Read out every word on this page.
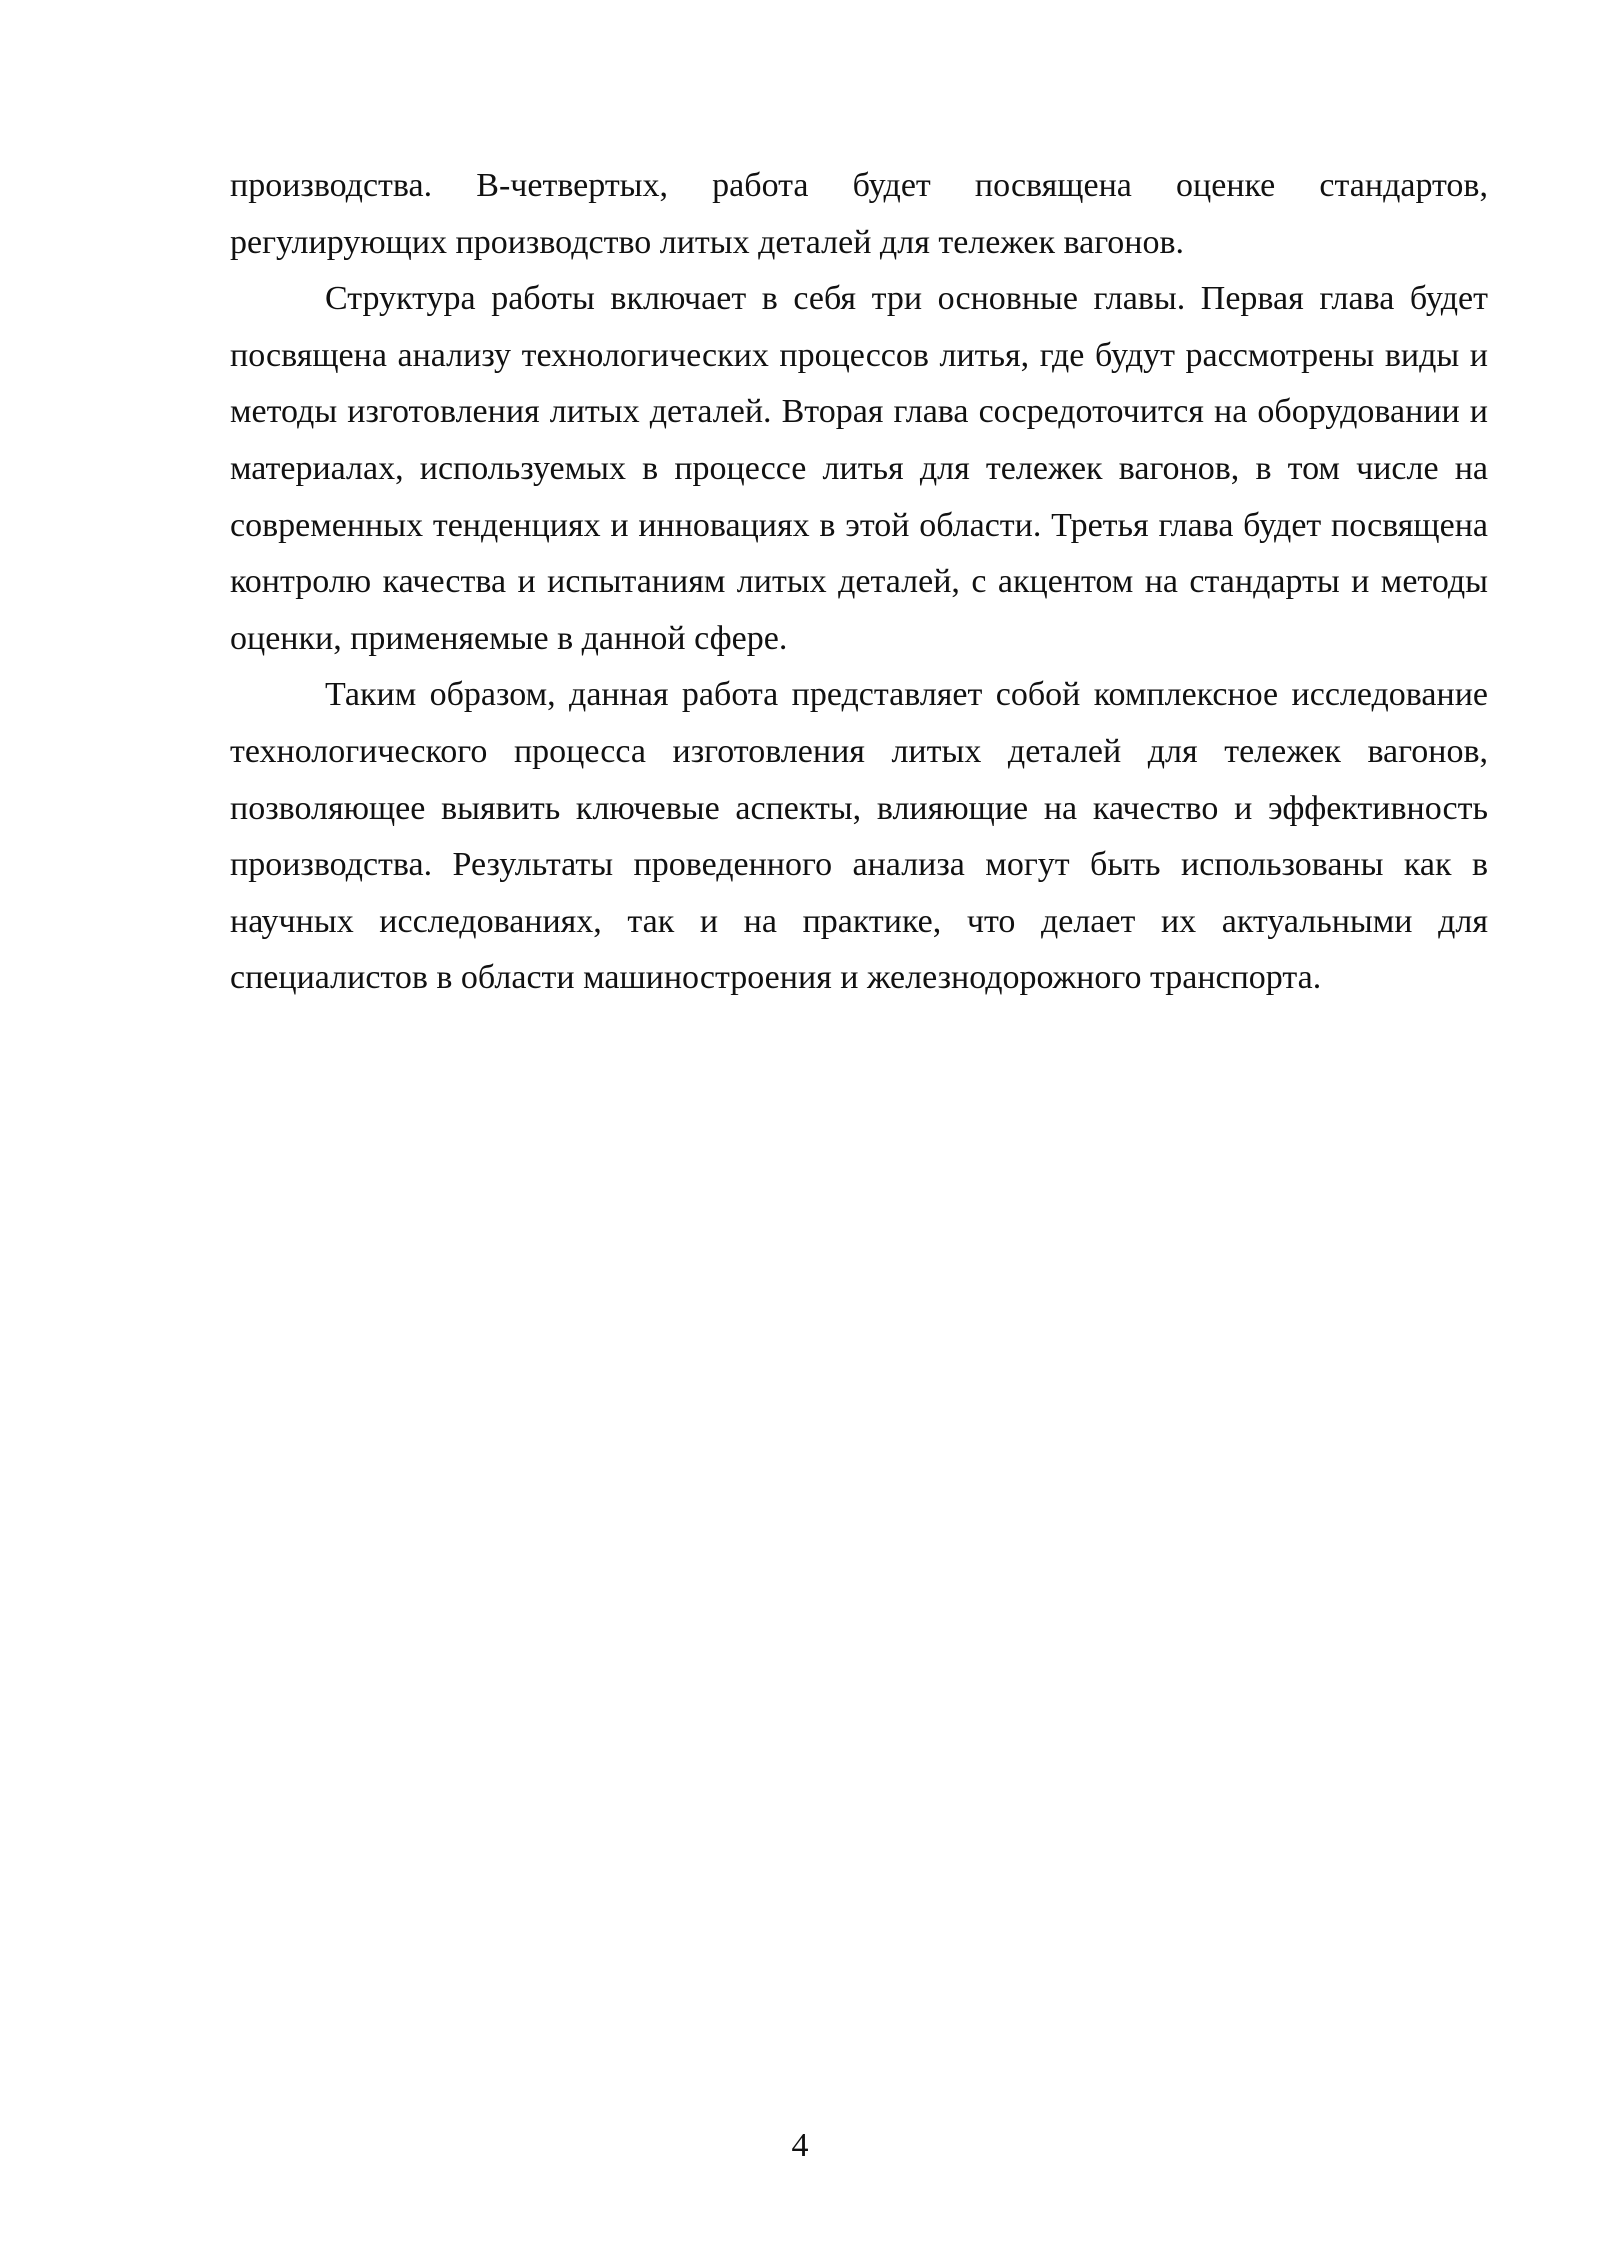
производства. В-четвертых, работа будет посвящена оценке стандартов, регулирующих производство литых деталей для тележек вагонов.

Структура работы включает в себя три основные главы. Первая глава будет посвящена анализу технологических процессов литья, где будут рассмотрены виды и методы изготовления литых деталей. Вторая глава сосредоточится на оборудовании и материалах, используемых в процессе литья для тележек вагонов, в том числе на современных тенденциях и инновациях в этой области. Третья глава будет посвящена контролю качества и испытаниям литых деталей, с акцентом на стандарты и методы оценки, применяемые в данной сфере.

Таким образом, данная работа представляет собой комплексное исследование технологического процесса изготовления литых деталей для тележек вагонов, позволяющее выявить ключевые аспекты, влияющие на качество и эффективность производства. Результаты проведенного анализа могут быть использованы как в научных исследованиях, так и на практике, что делает их актуальными для специалистов в области машиностроения и железнодорожного транспорта.

4
